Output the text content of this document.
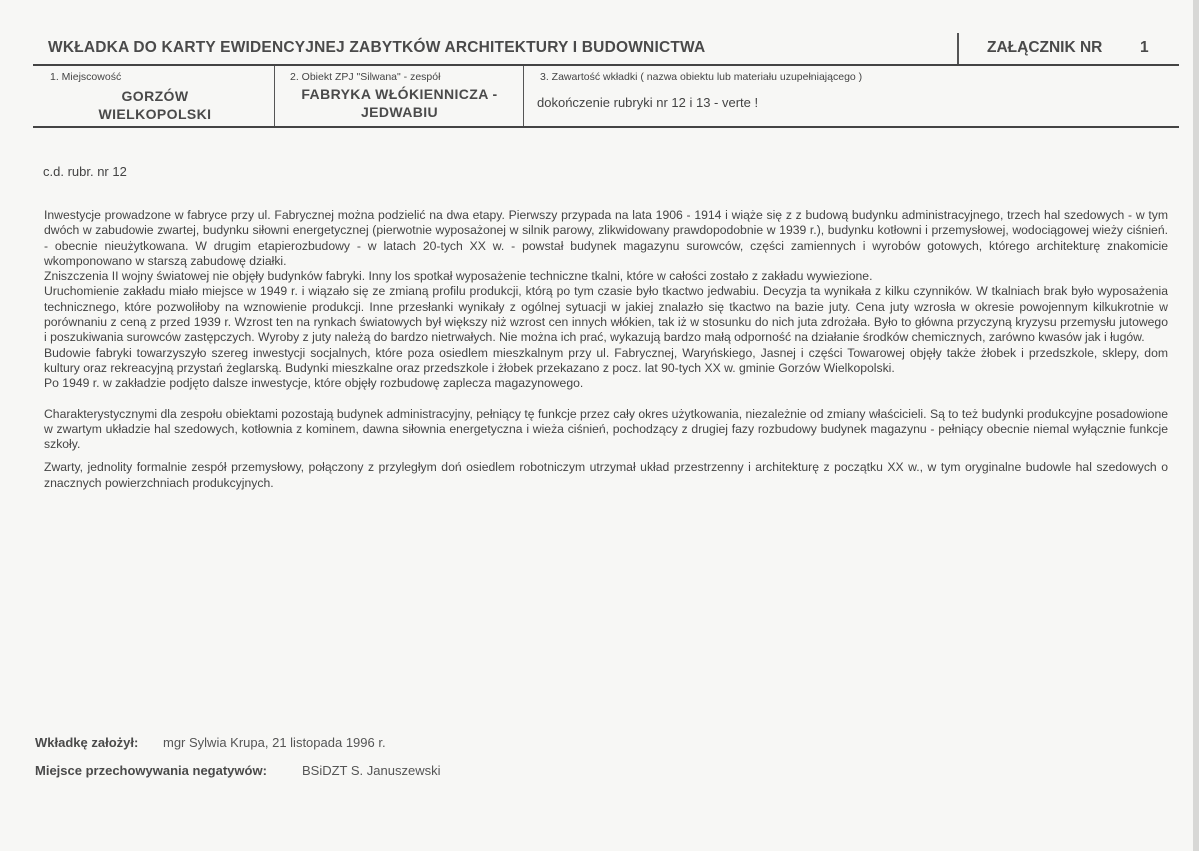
WKŁADKA DO KARTY EWIDENCYJNEJ ZABYTKÓW ARCHITEKTURY I BUDOWNICTWA	ZAŁĄCZNIK NR 1
1. Miejscowość
GORZÓW
WIELKOPOLSKI
2. Obiekt ZPJ "Silwana" - zespół
FABRYKA WŁÓKIENNICZA -
JEDWABIU
3. Zawartość wkładki ( nazwa obiektu lub materiału uzupełniającego )
dokończenie rubryki nr 12 i 13 - verte !
c.d. rubr. nr 12

Inwestycje prowadzone w fabryce przy ul. Fabrycznej można podzielić na dwa etapy. Pierwszy przypada na lata 1906 - 1914 i wiąże się z z budową budynku administracyjnego, trzech hal szedowych - w tym dwóch w zabudowie zwartej, budynku siłowni energetycznej (pierwotnie wyposażonej w silnik parowy, zlikwidowany prawdopodobnie w 1939 r.), budynku kotłowni i przemysłowej, wodociągowej wieży ciśnień. - obecnie nieużytkowana. W drugim etapierozbudowy - w latach 20-tych XX w. - powstał budynek magazynu surowców, części zamiennych i wyrobów gotowych, którego architekturę znakomicie wkomponowano w starszą zabudowę działki.

Zniszczenia II wojny światowej nie objęły budynków fabryki. Inny los spotkał wyposażenie techniczne tkalni, które w całości zostało z zakładu wywiezione.

Uruchomienie zakładu miało miejsce w 1949 r. i wiązało się ze zmianą profilu produkcji, którą po tym czasie było tkactwo jedwabiu. Decyzja ta wynikała z kilku czynników. W tkalniach brak było wyposażenia technicznego, które pozwoliłoby na wznowienie produkcji. Inne przesłanki wynikały z ogólnej sytuacji w jakiej znalazło się tkactwo na bazie juty. Cena juty wzrosła w okresie powojennym kilkukrotnie w porównaniu z ceną z przed 1939 r. Wzrost ten na rynkach światowych był większy niż wzrost cen innych włókien, tak iż w stosunku do nich juta zdrożała. Było to główna przyczyną kryzysu przemysłu jutowego i poszukiwania surowców zastępczych. Wyroby z juty należą do bardzo nietrwałych. Nie można ich prać, wykazują bardzo małą odporność na działanie środków chemicznych, zarówno kwasów jak i ługów.

Budowie fabryki towarzyszyło szereg inwestycji socjalnych, które poza osiedlem mieszkalnym przy ul. Fabrycznej, Waryńskiego, Jasnej i części Towarowej objęły także żłobek i przedszkole, sklepy, dom kultury oraz rekreacyjną przystań żeglarską. Budynki mieszkalne oraz przedszkole i żłobek przekazano z pocz. lat 90-tych XX w. gminie Gorzów Wielkopolski.

Po 1949 r. w zakładzie podjęto dalsze inwestycje, które objęły rozbudowę zaplecza magazynowego.

Charakterystycznymi dla zespołu obiektami pozostają budynek administracyjny, pełniący tę funkcje przez cały okres użytkowania, niezależnie od zmiany właścicieli. Są to też budynki produkcyjne posadowione w zwartym układzie hal szedowych, kotłownia z kominem, dawna siłownia energetyczna i wieża ciśnień, pochodzący z drugiej fazy rozbudowy budynek magazynu - pełniący obecnie niemal wyłącznie funkcje szkoły.

Zwarty, jednolity formalnie zespół przemysłowy, połączony z przyległym doń osiedlem robotniczym utrzymał układ przestrzenny i architekturę z początku XX w., w tym oryginalne budowle hal szedowych o znacznych powierzchniach produkcyjnych.

Wkładkę założył: mgr Sylwia Krupa, 21 listopada 1996 r.
Miejsce przechowywania negatywów:	BSiDZT S. Januszewski
